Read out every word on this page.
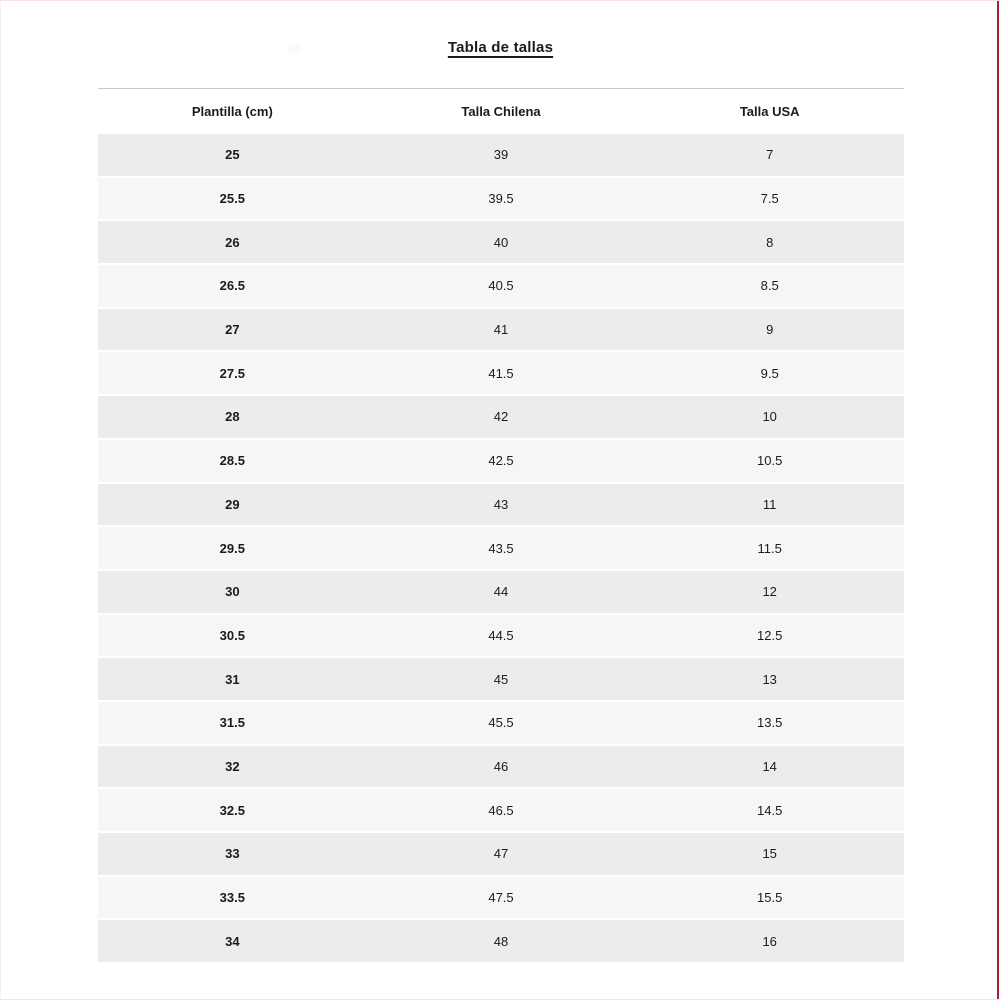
Tabla de tallas
Plantilla (cm)	Talla Chilena	Talla USA
25	39	7
25.5	39.5	7.5
26	40	8
26.5	40.5	8.5
27	41	9
27.5	41.5	9.5
28	42	10
28.5	42.5	10.5
29	43	11
29.5	43.5	11.5
30	44	12
30.5	44.5	12.5
31	45	13
31.5	45.5	13.5
32	46	14
32.5	46.5	14.5
33	47	15
33.5	47.5	15.5
34	48	16
